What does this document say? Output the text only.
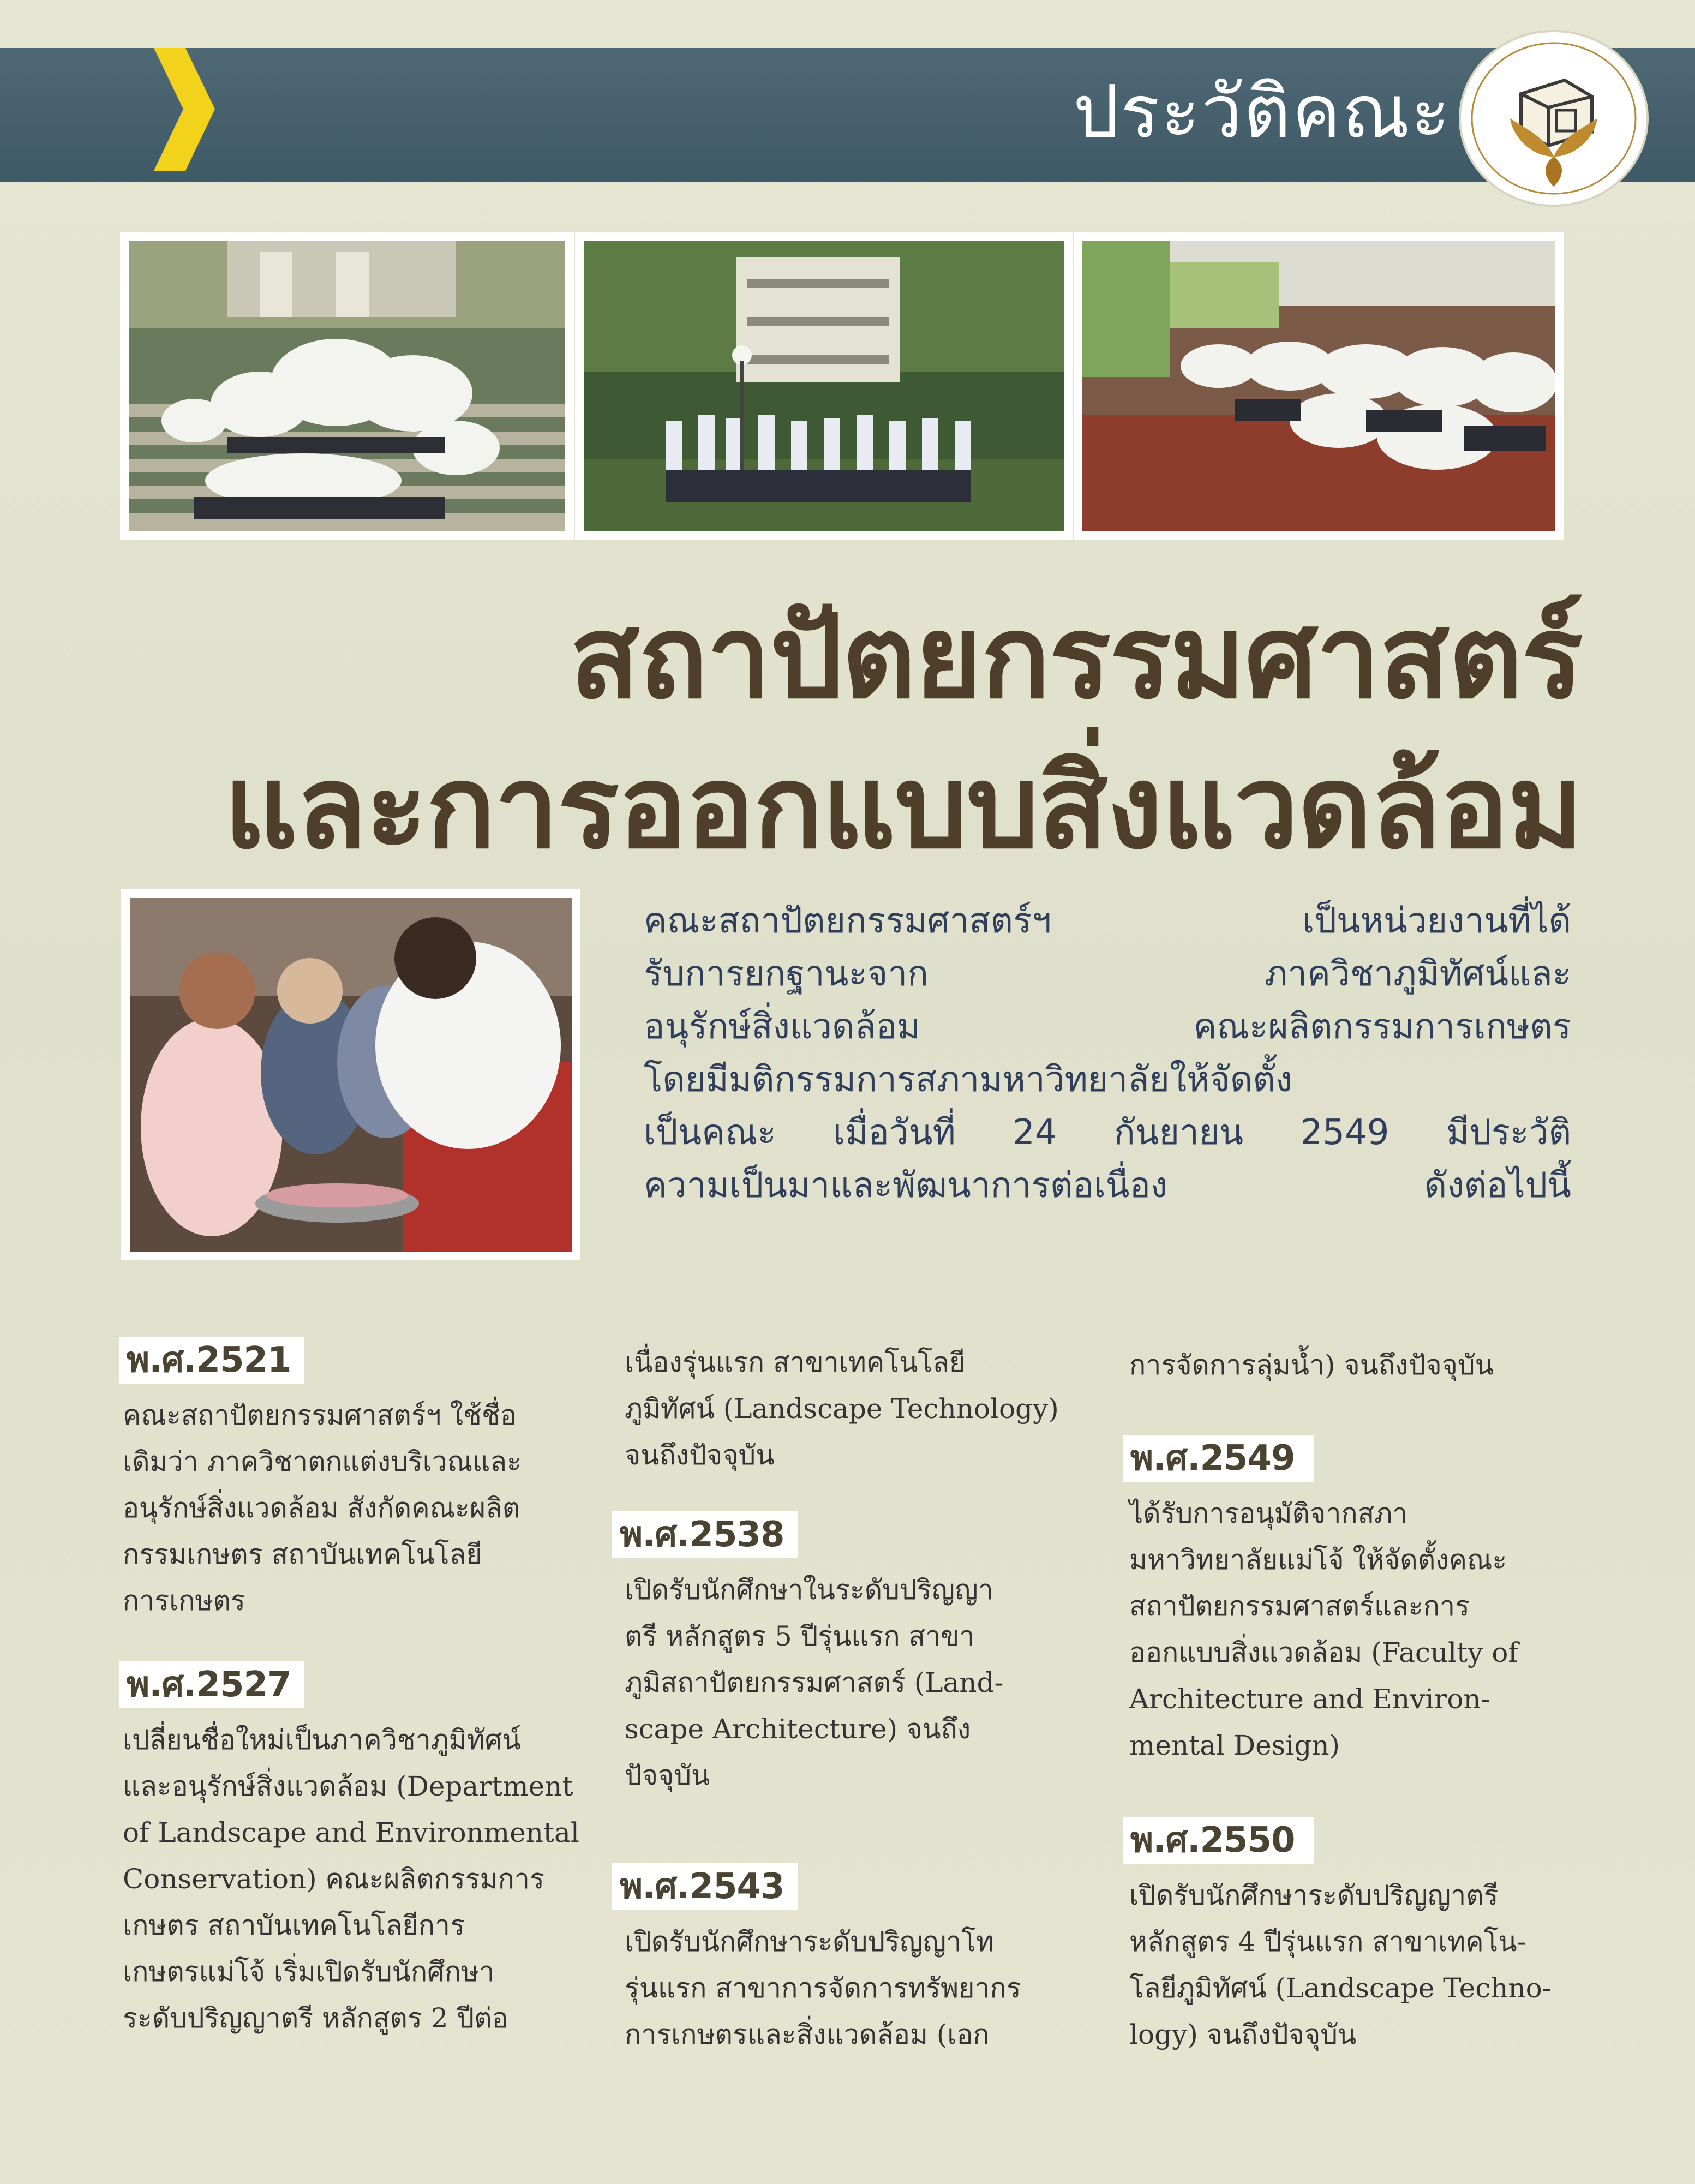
ประวัติคณะ
สถาปัตยกรรมศาสตร์
และการออกแบบสิ่งแวดล้อม
คณะสถาปัตยกรรมศาสตร์ฯ เป็นหน่วยงานที่ได้
รับการยกฐานะจาก ภาควิชาภูมิทัศน์และ
อนุรักษ์สิ่งแวดล้อม คณะผลิตกรรมการเกษตร
โดยมีมติกรรมการสภามหาวิทยาลัยให้จัดตั้ง
เป็นคณะ เมื่อวันที่ 24 กันยายน 2549 มีประวัติ
ความเป็นมาและพัฒนาการต่อเนื่อง ดังต่อไปนี้
พ.ศ.2521
คณะสถาปัตยกรรมศาสตร์ฯ ใช้ชื่อ
เดิมว่า ภาควิชาตกแต่งบริเวณและ
อนุรักษ์สิ่งแวดล้อม สังกัดคณะผลิต
กรรมเกษตร สถาบันเทคโนโลยี
การเกษตร
พ.ศ.2527
เปลี่ยนชื่อใหม่เป็นภาควิชาภูมิทัศน์
และอนุรักษ์สิ่งแวดล้อม (Department
of Landscape and Environmental
Conservation) คณะผลิตกรรมการ
เกษตร สถาบันเทคโนโลยีการ
เกษตรแม่โจ้ เริ่มเปิดรับนักศึกษา
ระดับปริญญาตรี หลักสูตร 2 ปีต่อ
เนื่องรุ่นแรก สาขาเทคโนโลยี
ภูมิทัศน์ (Landscape Technology)
จนถึงปัจจุบัน
พ.ศ.2538
เปิดรับนักศึกษาในระดับปริญญา
ตรี หลักสูตร 5 ปีรุ่นแรก สาขา
ภูมิสถาปัตยกรรมศาสตร์ (Land-
scape Architecture) จนถึง
ปัจจุบัน
พ.ศ.2543
เปิดรับนักศึกษาระดับปริญญาโท
รุ่นแรก สาขาการจัดการทรัพยากร
การเกษตรและสิ่งแวดล้อม (เอก
การจัดการลุ่มน้ำ) จนถึงปัจจุบัน
พ.ศ.2549
ได้รับการอนุมัติจากสภา
มหาวิทยาลัยแม่โจ้ ให้จัดตั้งคณะ
สถาปัตยกรรมศาสตร์และการ
ออกแบบสิ่งแวดล้อม (Faculty of
Architecture and Environ-
mental Design)
พ.ศ.2550
เปิดรับนักศึกษาระดับปริญญาตรี
หลักสูตร 4 ปีรุ่นแรก สาขาเทคโน-
โลยีภูมิทัศน์ (Landscape Techno-
logy) จนถึงปัจจุบัน
